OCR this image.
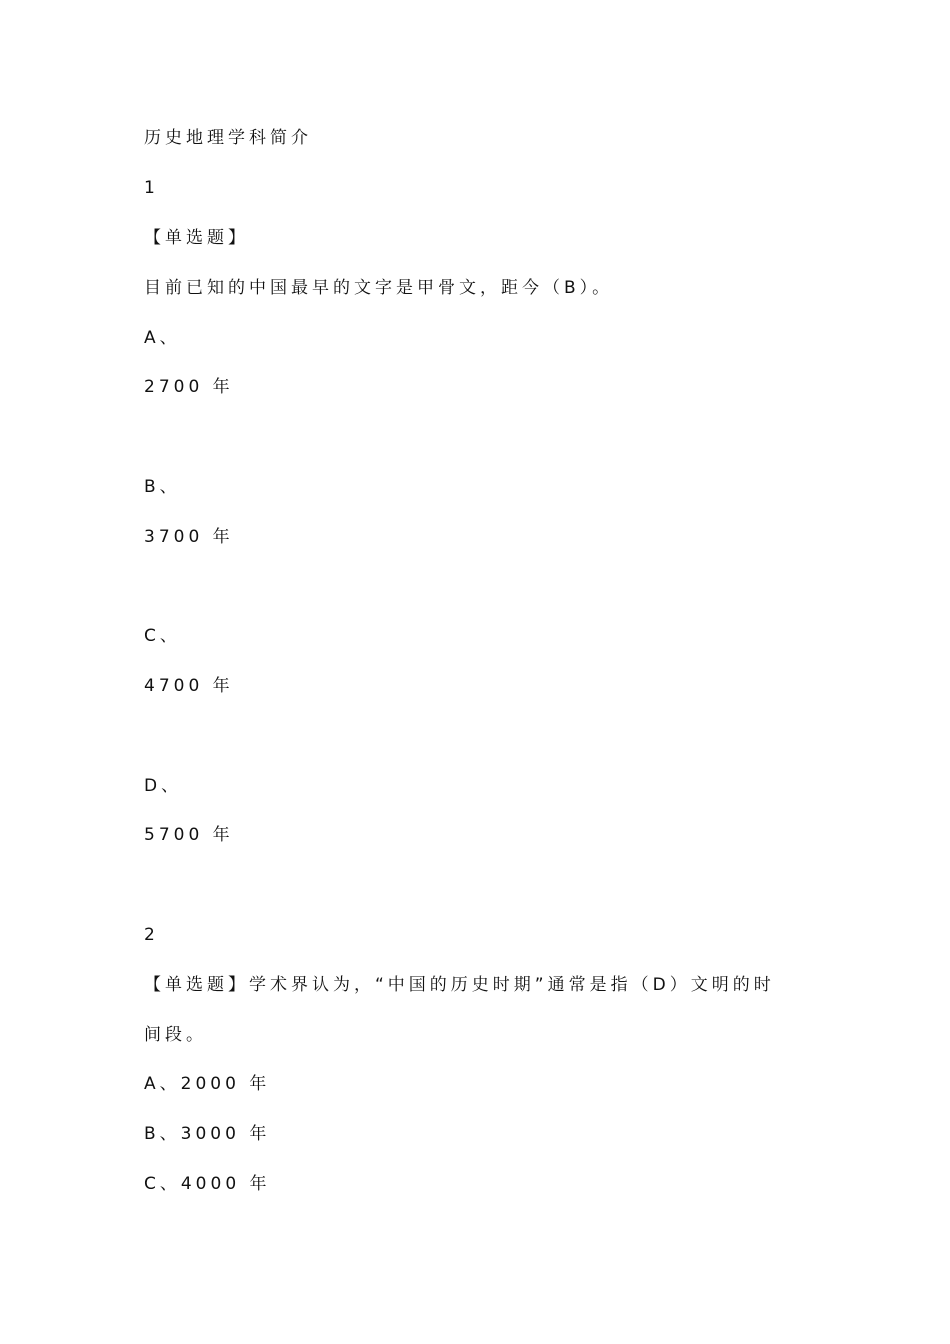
历史地理学科简介
1
【单选题】
目前已知的中国最早的文字是甲骨文，距今（B）。
A、
2700 年
B、
3700 年
C、
4700 年
D、
5700 年
2
【单选题】学术界认为，“中国的历史时期”通常是指（D）文明的时
间段。
A、2000 年
B、3000 年
C、4000 年
